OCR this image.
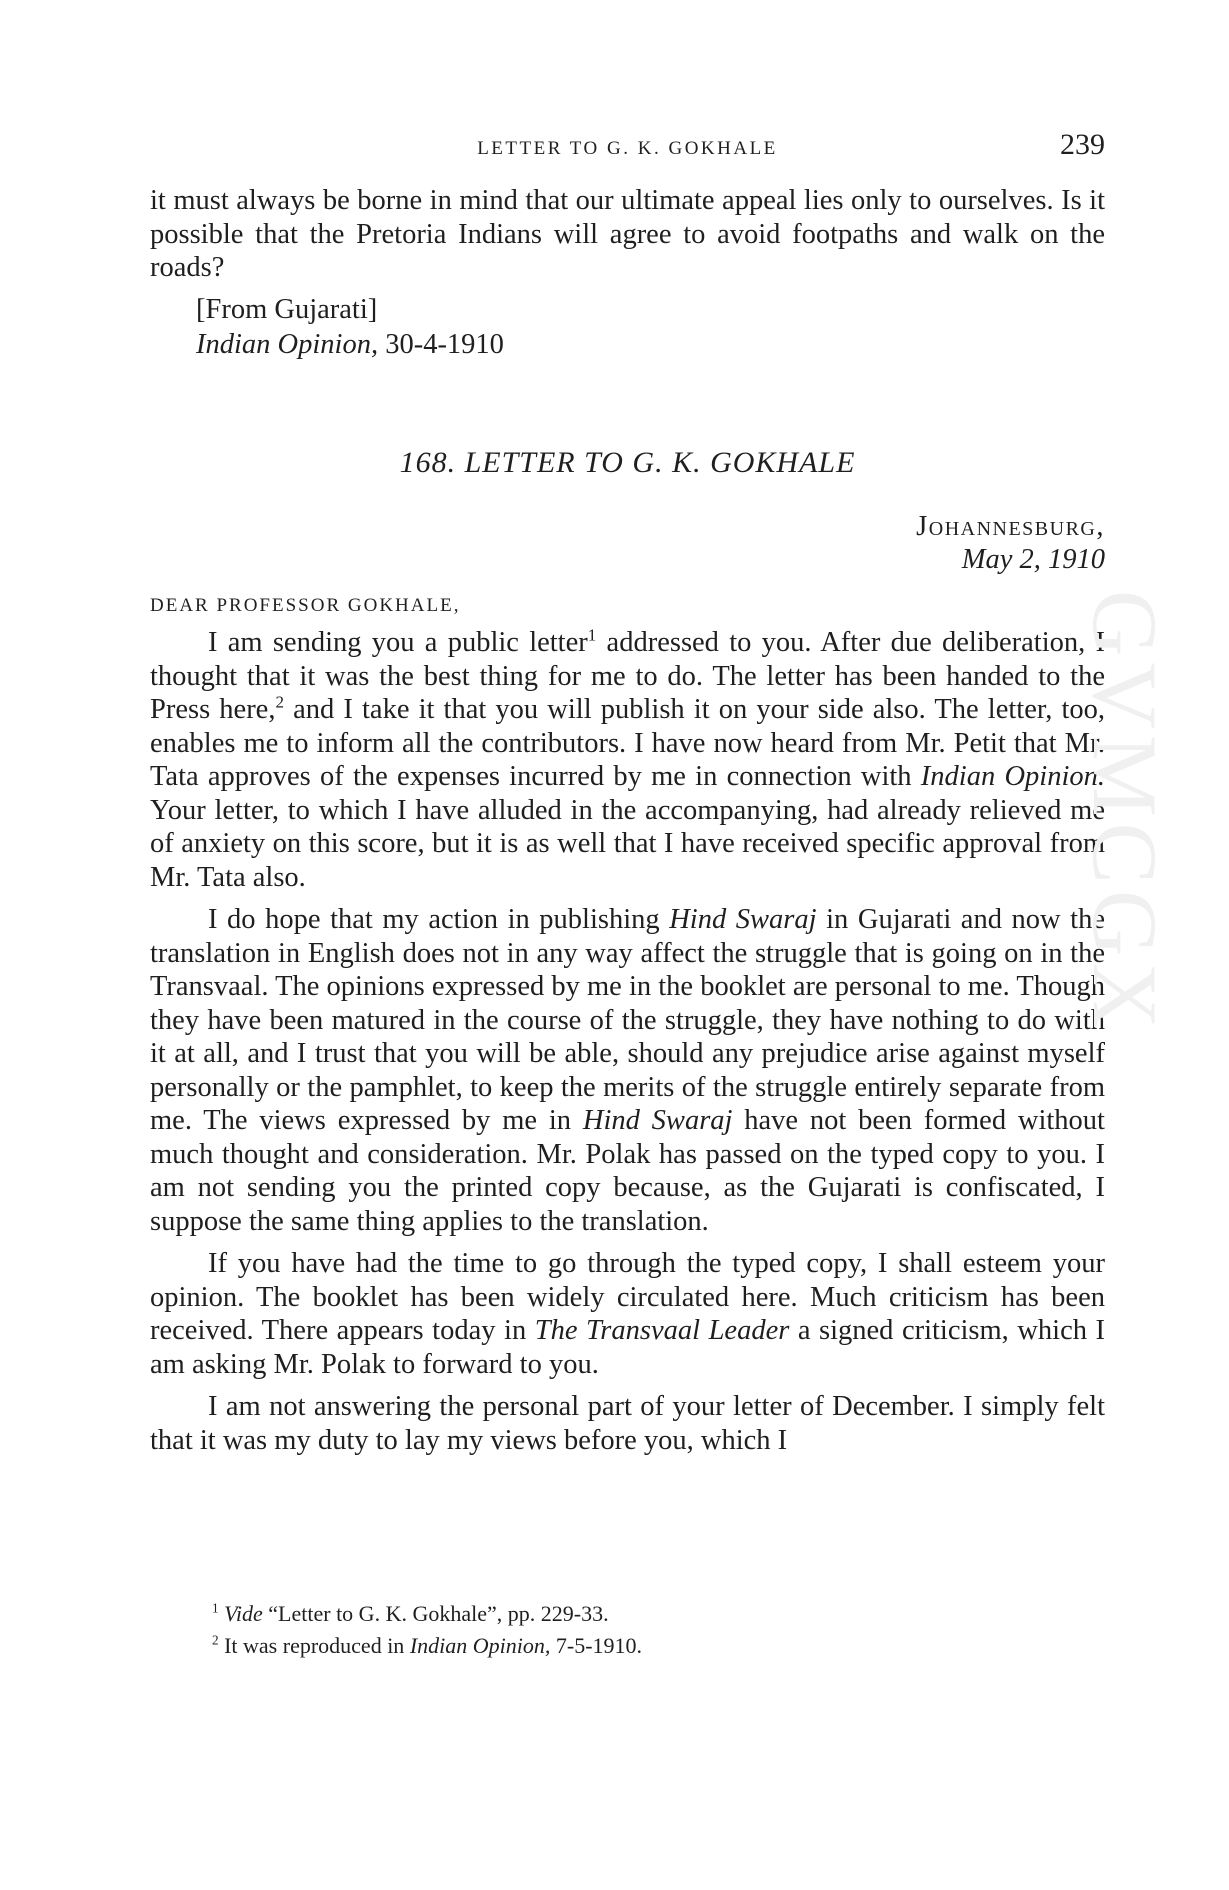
LETTER TO G. K. GOKHALE	239

it must always be borne in mind that our ultimate appeal lies only to ourselves. Is it possible that the Pretoria Indians will agree to avoid footpaths and walk on the roads?

[From Gujarati]

Indian Opinion, 30-4-1910

168. LETTER TO G. K. GOKHALE
Johannesburg,
May 2, 1910
DEAR PROFESSOR GOKHALE,

I am sending you a public letter$^1$ addressed to you. After due deliberation, I thought that it was the best thing for me to do. The letter has been handed to the Press here,$^2$ and I take it that you will publish it on your side also. The letter, too, enables me to inform all the contributors. I have now heard from Mr. Petit that Mr. Tata approves of the expenses incurred by me in connection with Indian Opinion. Your letter, to which I have alluded in the accompanying, had already relieved me of anxiety on this score, but it is as well that I have received specific approval from Mr. Tata also.

I do hope that my action in publishing Hind Swaraj in Gujarati and now the translation in English does not in any way affect the struggle that is going on in the Transvaal. The opinions expressed by me in the booklet are personal to me. Though they have been matured in the course of the struggle, they have nothing to do with it at all, and I trust that you will be able, should any prejudice arise against myself personally or the pamphlet, to keep the merits of the struggle entirely separate from me. The views expressed by me in Hind Swaraj have not been formed without much thought and consideration. Mr. Polak has passed on the typed copy to you. I am not sending you the printed copy because, as the Gujarati is confiscated, I suppose the same thing applies to the translation.

If you have had the time to go through the typed copy, I shall esteem your opinion. The booklet has been widely circulated here. Much criticism has been received. There appears today in The Transvaal Leader a signed criticism, which I am asking Mr. Polak to forward to you.

I am not answering the personal part of your letter of December. I simply felt that it was my duty to lay my views before you, which I

$^1$ Vide “Letter to G. K. Gokhale”, pp. 229-33.

$^2$ It was reproduced in Indian Opinion, 7-5-1910.

GVMCGX
